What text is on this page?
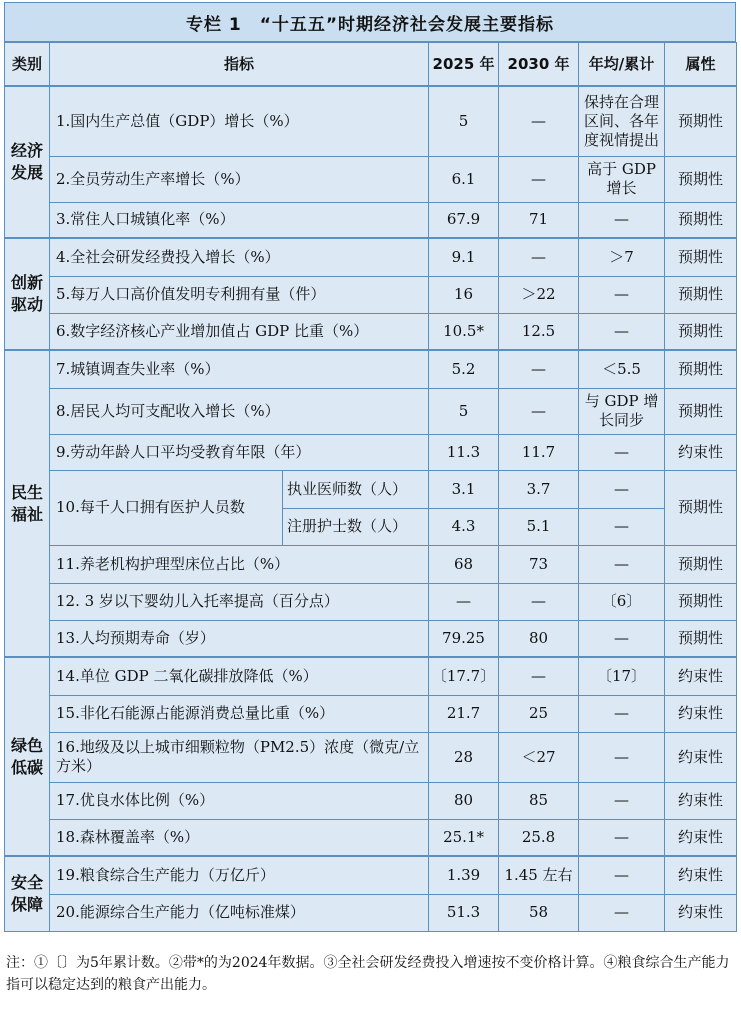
专栏 1　“十五五”时期经济社会发展主要指标
类别	指标		2025 年	2030 年	年均/累计	属性
经济发展	1.国内生产总值（GDP）增长（%）		5	—	保持在合理区间、各年度视情提出	预期性
	2.全员劳动生产率增长（%）		6.1	—	高于 GDP 增长	预期性
	3.常住人口城镇化率（%）		67.9	71	—	预期性
创新驱动	4.全社会研发经费投入增长（%）		9.1	—	＞7	预期性
	5.每万人口高价值发明专利拥有量（件）		16	＞22	—	预期性
	6.数字经济核心产业增加值占 GDP 比重（%）		10.5*	12.5	—	预期性
民生福祉	7.城镇调查失业率（%）		5.2	—	＜5.5	预期性
	8.居民人均可支配收入增长（%）		5	—	与 GDP 增长同步	预期性
	9.劳动年龄人口平均受教育年限（年）		11.3	11.7	—	约束性
	10.每千人口拥有医护人员数	执业医师数（人）	3.1	3.7	—	预期性
		注册护士数（人）	4.3	5.1	—	
	11.养老机构护理型床位占比（%）		68	73	—	预期性
	12. 3 岁以下婴幼儿入托率提高（百分点）		—	—	〔6〕	预期性
	13.人均预期寿命（岁）		79.25	80	—	预期性
绿色低碳	14.单位 GDP 二氧化碳排放降低（%）		〔17.7〕	—	〔17〕	约束性
	15.非化石能源占能源消费总量比重（%）		21.7	25	—	约束性
	16.地级及以上城市细颗粒物（PM2.5）浓度（微克/立方米）		28	＜27	—	约束性
	17.优良水体比例（%）		80	85	—	约束性
	18.森林覆盖率（%）		25.1*	25.8	—	约束性
安全保障	19.粮食综合生产能力（万亿斤）		1.39	1.45 左右	—	约束性
	20.能源综合生产能力（亿吨标准煤）		51.3	58	—	约束性
注：①〔〕为5年累计数。②带*的为2024年数据。③全社会研发经费投入增速按不变价格计算。④粮食综合生产能力指可以稳定达到的粮食产出能力。
